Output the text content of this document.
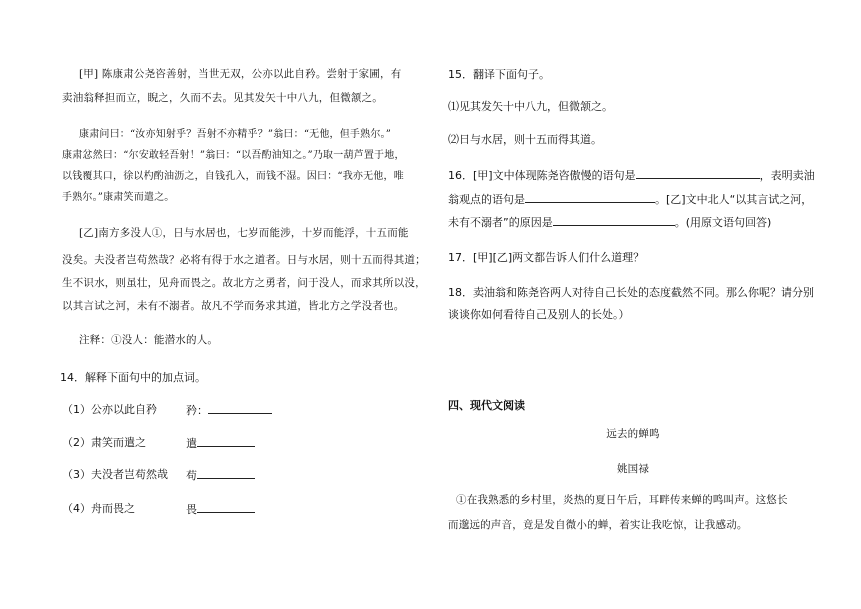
[甲] 陈康肃公尧咨善射，当世无双，公亦以此自矜。尝射于家圃，有
卖油翁释担而立，睨之，久而不去。见其发矢十中八九，但微颔之。
康肃问曰：“汝亦知射乎？吾射不亦精乎？”翁曰：“无他，但手熟尔。”
康肃忿然曰：“尔安敢轻吾射！”翁曰：“以吾酌油知之。”乃取一葫芦置于地，
以钱覆其口，徐以杓酌油沥之，自钱孔入，而钱不湿。因曰：“我亦无他，唯
手熟尔。”康肃笑而遣之。
[乙]南方多没人①，日与水居也，七岁而能涉，十岁而能浮，十五而能
没矣。夫没者岂苟然哉？必将有得于水之道者。日与水居，则十五而得其道；
生不识水，则虽壮，见舟而畏之。故北方之勇者，问于没人，而求其所以没，
以其言试之河，未有不溺者。故凡不学而务求其道，皆北方之学没者也。
注释：①没人：能潜水的人。
14．解释下面句中的加点词。
（1）公亦以此自矜	矜：
（2）肃笑而遣之	遣
（3）夫没者岂苟然哉 苟
（4）舟而畏之	畏
15．翻译下面句子。
⑴见其发矢十中八九，但微颔之。
⑵日与水居，则十五而得其道。
16．[甲]文中体现陈尧咨傲慢的语句是	，表明卖油
翁观点的语句是	。[乙]文中北人“以其言试之河，
未有不溺者”的原因是	。(用原文语句回答)
17．[甲][乙]两文都告诉人们什么道理？
18．卖油翁和陈尧咨两人对待自己长处的态度截然不同。那么你呢？请分别
谈谈你如何看待自己及别人的长处。）
四、现代文阅读
远去的蝉鸣
姚国禄
①在我熟悉的乡村里，炎热的夏日午后，耳畔传来蝉的鸣叫声。这悠长
而邈远的声音，竟是发自微小的蝉，着实让我吃惊，让我感动。
